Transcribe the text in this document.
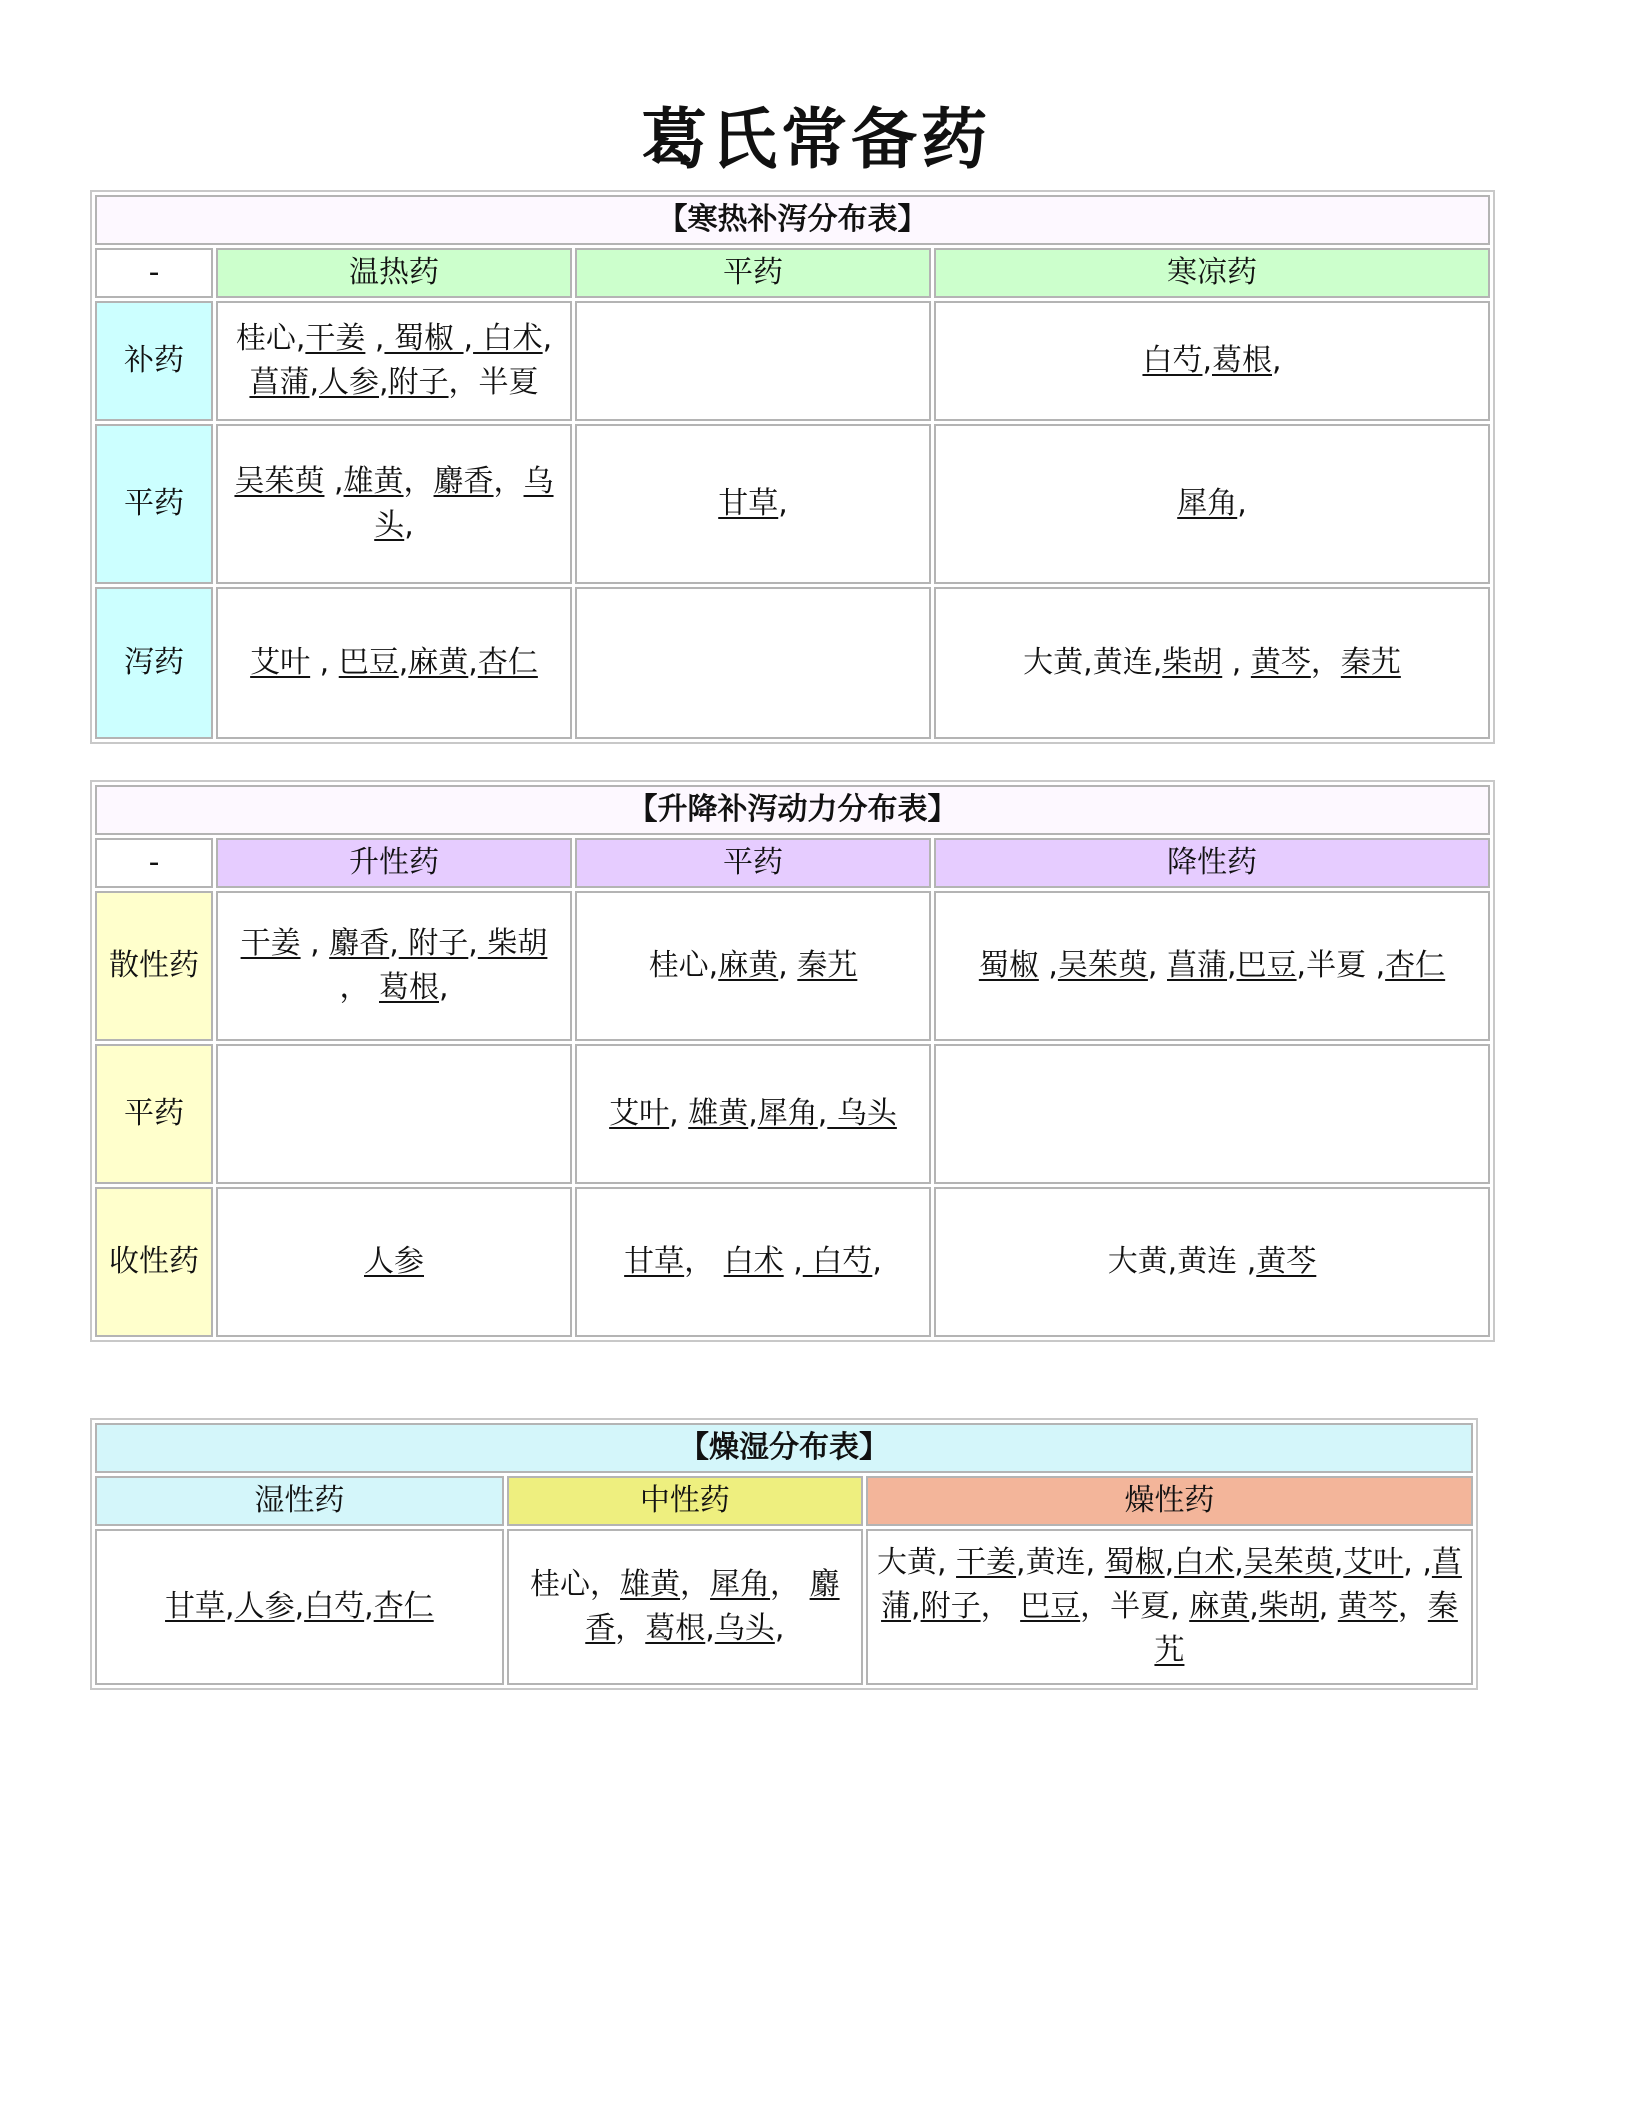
葛氏常备药
【寒热补泻分布表】			
-	温热药	平药	寒凉药
补药	桂心,干姜 , 蜀椒 , 白术,菖蒲,人参,附子，半夏		白芍,葛根,
平药	吴茱萸 ,雄黄，麝香，乌头,	甘草,	犀角,
泻药	艾叶 , 巴豆,麻黄,杏仁		大黄,黄连,柴胡 , 黄芩，秦艽
【升降补泻动力分布表】			
-	升性药	平药	降性药
散性药	干姜 , 麝香, 附子, 柴胡 ， 葛根,	桂心,麻黄, 秦艽	蜀椒 ,吴茱萸, 菖蒲,巴豆,半夏 ,杏仁
平药		艾叶, 雄黄,犀角, 乌头	
收性药	人参	甘草， 白术 , 白芍,	大黄,黄连 ,黄芩
【燥湿分布表】		
湿性药	中性药	燥性药
甘草,人参,白芍,杏仁	桂心，雄黄，犀角， 麝香，葛根,乌头,	大黄, 干姜,黄连, 蜀椒,白术,吴茱萸,艾叶, ,菖蒲,附子， 巴豆，半夏, 麻黄,柴胡, 黄芩，秦艽
